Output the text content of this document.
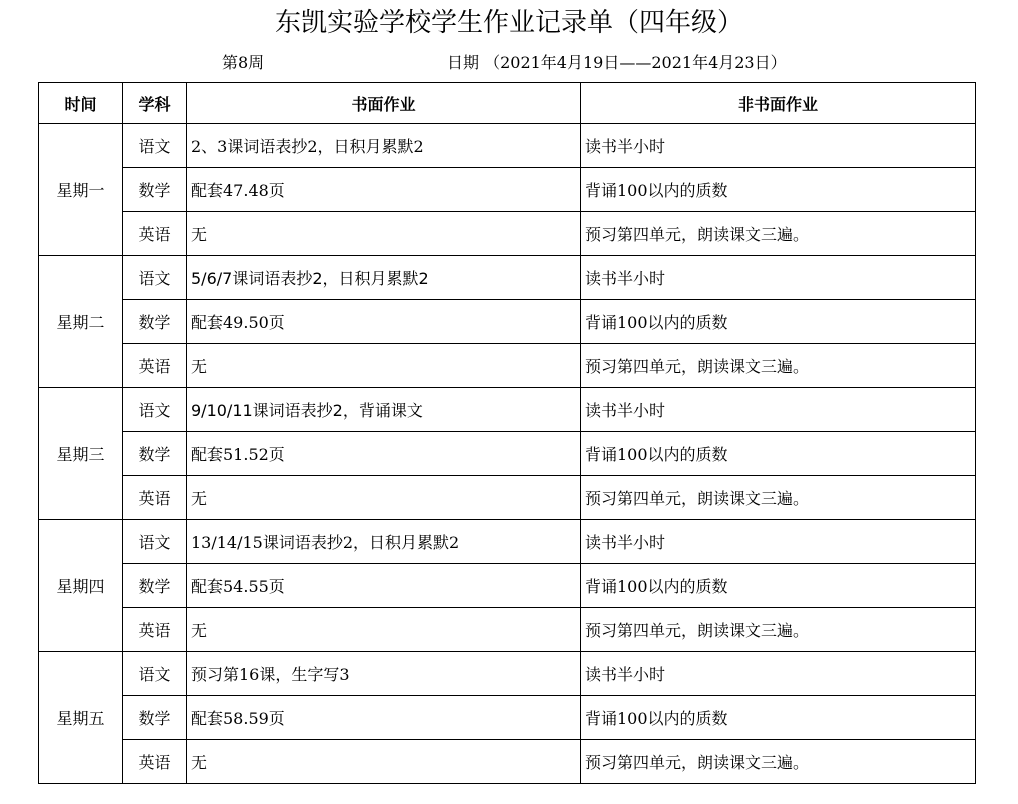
东凯实验学校学生作业记录单（四年级）
第8周	日期 （2021年4月19日——2021年4月23日）
时间	学科	书面作业	非书面作业
星期一	语文	2、3课词语表抄2，日积月累默2	读书半小时
	数学	配套47.48页	背诵100以内的质数
	英语	无	预习第四单元，朗读课文三遍。
星期二	语文	5/6/7课词语表抄2，日积月累默2	读书半小时
	数学	配套49.50页	背诵100以内的质数
	英语	无	预习第四单元，朗读课文三遍。
星期三	语文	9/10/11课词语表抄2，背诵课文	读书半小时
	数学	配套51.52页	背诵100以内的质数
	英语	无	预习第四单元，朗读课文三遍。
星期四	语文	13/14/15课词语表抄2，日积月累默2	读书半小时
	数学	配套54.55页	背诵100以内的质数
	英语	无	预习第四单元，朗读课文三遍。
星期五	语文	预习第16课，生字写3	读书半小时
	数学	配套58.59页	背诵100以内的质数
	英语	无	预习第四单元，朗读课文三遍。
